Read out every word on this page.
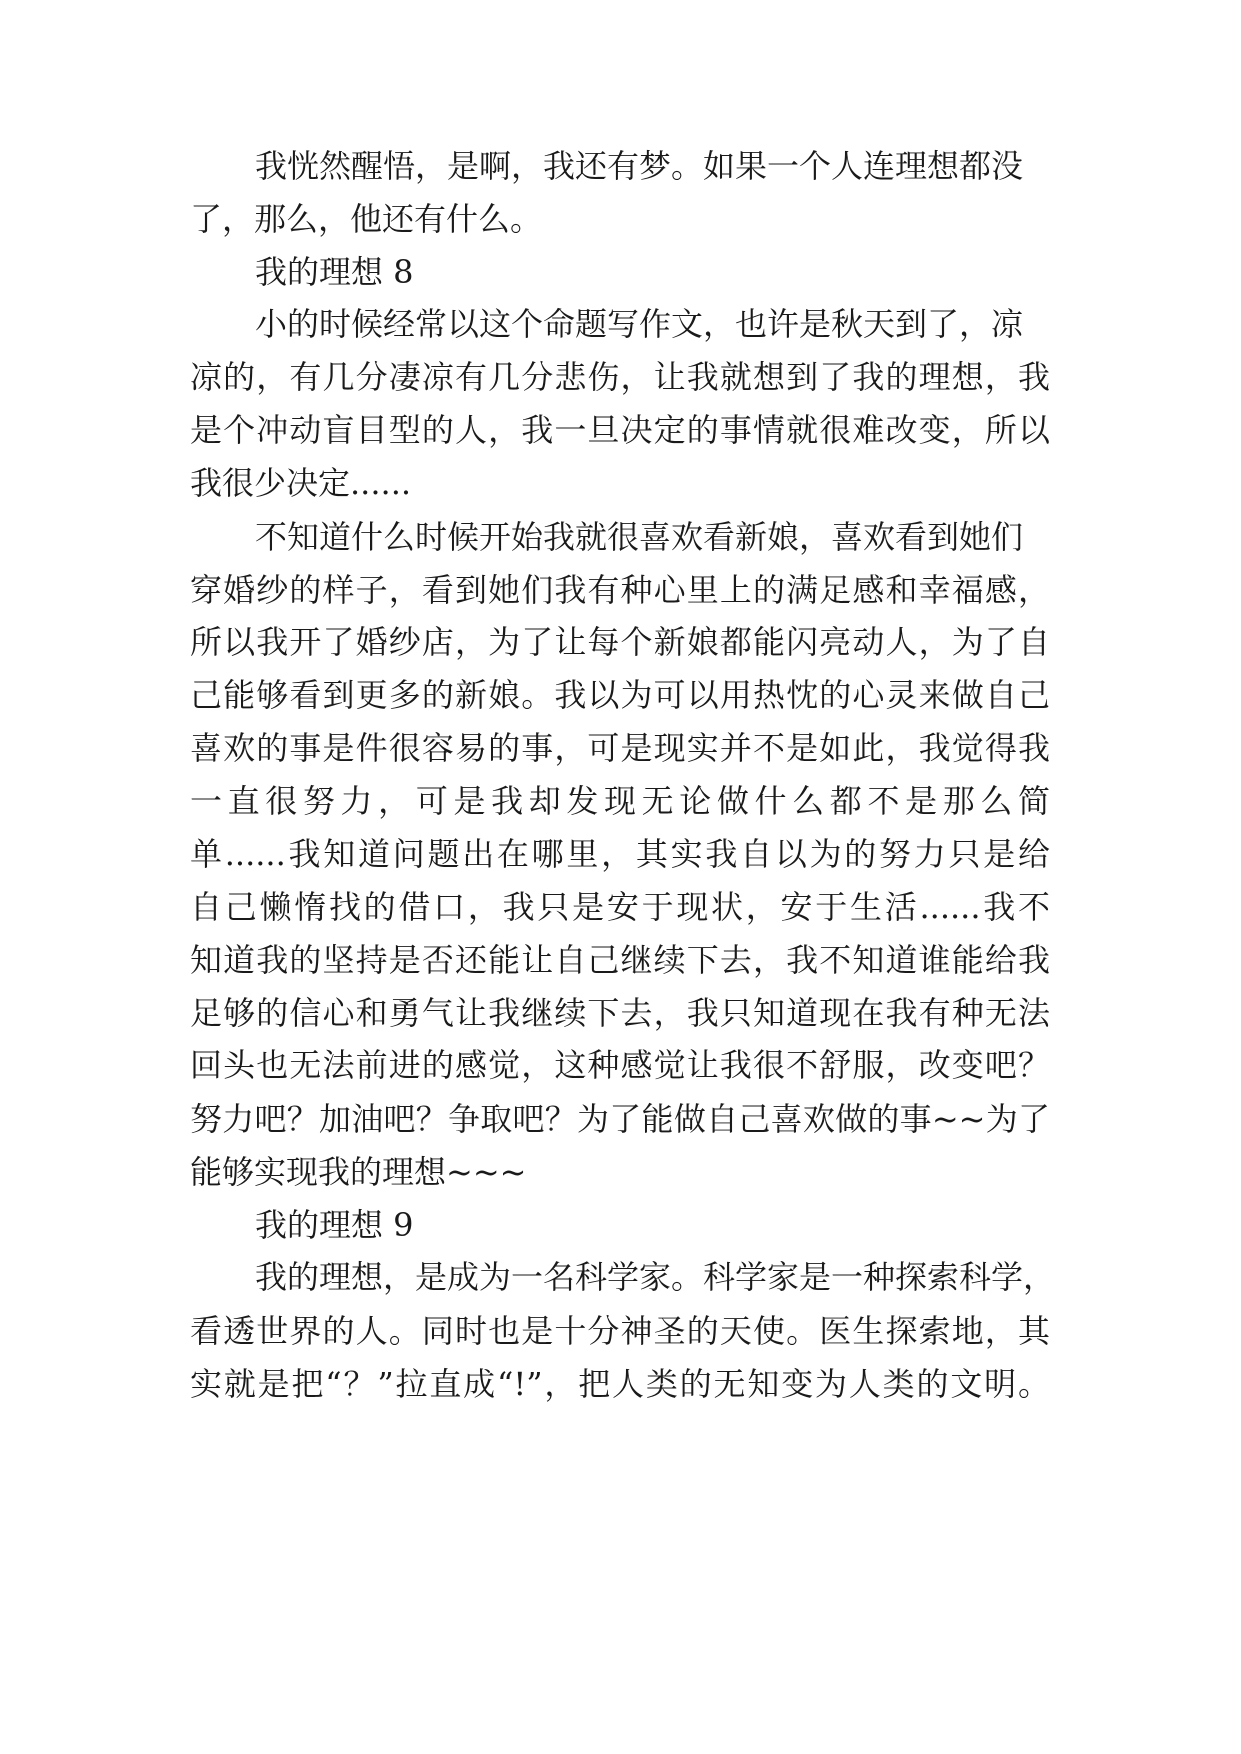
我恍然醒悟，是啊，我还有梦。如果一个人连理想都没

了，那么，他还有什么。

我的理想 8

小的时候经常以这个命题写作文，也许是秋天到了，凉

凉的，有几分凄凉有几分悲伤，让我就想到了我的理想，我

是个冲动盲目型的人，我一旦决定的事情就很难改变，所以

我很少决定......

不知道什么时候开始我就很喜欢看新娘，喜欢看到她们

穿婚纱的样子，看到她们我有种心里上的满足感和幸福感，

所以我开了婚纱店，为了让每个新娘都能闪亮动人，为了自

己能够看到更多的新娘。我以为可以用热忱的心灵来做自己

喜欢的事是件很容易的事，可是现实并不是如此，我觉得我

一直很努力，可是我却发现无论做什么都不是那么简

单......我知道问题出在哪里，其实我自以为的努力只是给

自己懒惰找的借口，我只是安于现状，安于生活......我不

知道我的坚持是否还能让自己继续下去，我不知道谁能给我

足够的信心和勇气让我继续下去，我只知道现在我有种无法

回头也无法前进的感觉，这种感觉让我很不舒服，改变吧？

努力吧？加油吧？争取吧？为了能做自己喜欢做的事~~为了

能够实现我的理想~~~

我的理想 9

我的理想，是成为一名科学家。科学家是一种探索科学，

看透世界的人。同时也是十分神圣的天使。医生探索地，其

实就是把“？”拉直成“!”，把人类的无知变为人类的文明。
